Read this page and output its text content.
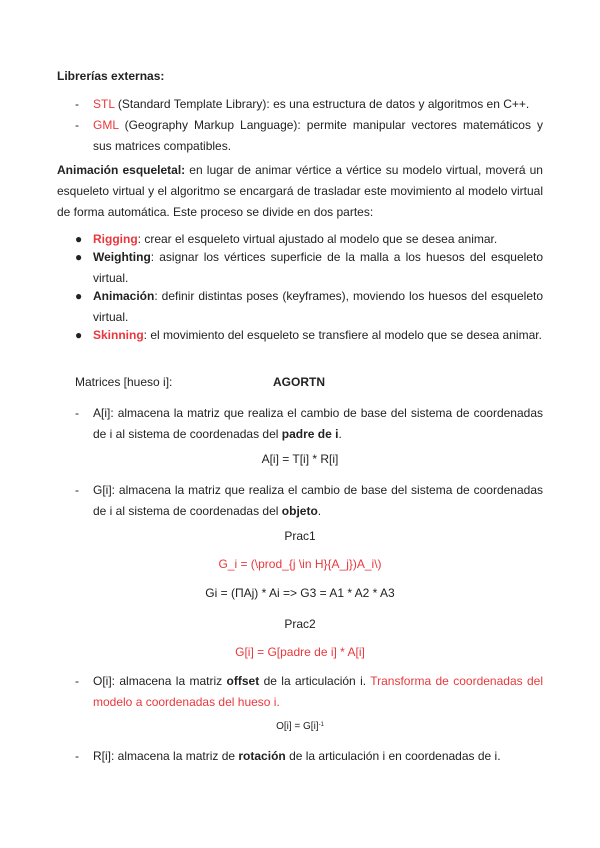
Librerías externas:
- STL (Standard Template Library): es una estructura de datos y algoritmos en C++.
- GML (Geography Markup Language): permite manipular vectores matemáticos y sus matrices compatibles.
Animación esqueletal: en lugar de animar vértice a vértice su modelo virtual, moverá un esqueleto virtual y el algoritmo se encargará de trasladar este movimiento al modelo virtual de forma automática. Este proceso se divide en dos partes:
● Rigging: crear el esqueleto virtual ajustado al modelo que se desea animar.
● Weighting: asignar los vértices superficie de la malla a los huesos del esqueleto virtual.
● Animación: definir distintas poses (keyframes), moviendo los huesos del esqueleto virtual.
● Skinning: el movimiento del esqueleto se transfiere al modelo que se desea animar.
Matrices [hueso i]:	AGORTN
- A[i]: almacena la matriz que realiza el cambio de base del sistema de coordenadas de i al sistema de coordenadas del padre de i.
A[i] = T[i] * R[i]
- G[i]: almacena la matriz que realiza el cambio de base del sistema de coordenadas de i al sistema de coordenadas del objeto.
Prac1
G_i = (\prod_{j \in H}{A_j})A_i\)
Gi = (ΠAj) * Ai => G3 = A1 * A2 * A3
Prac2
G[i] = G[padre de i] * A[i]
- O[i]: almacena la matriz offset de la articulación i. Transforma de coordenadas del modelo a coordenadas del hueso i.
$O[i] = G[i]^{-1}$
- R[i]: almacena la matriz de rotación de la articulación i en coordenadas de i.
